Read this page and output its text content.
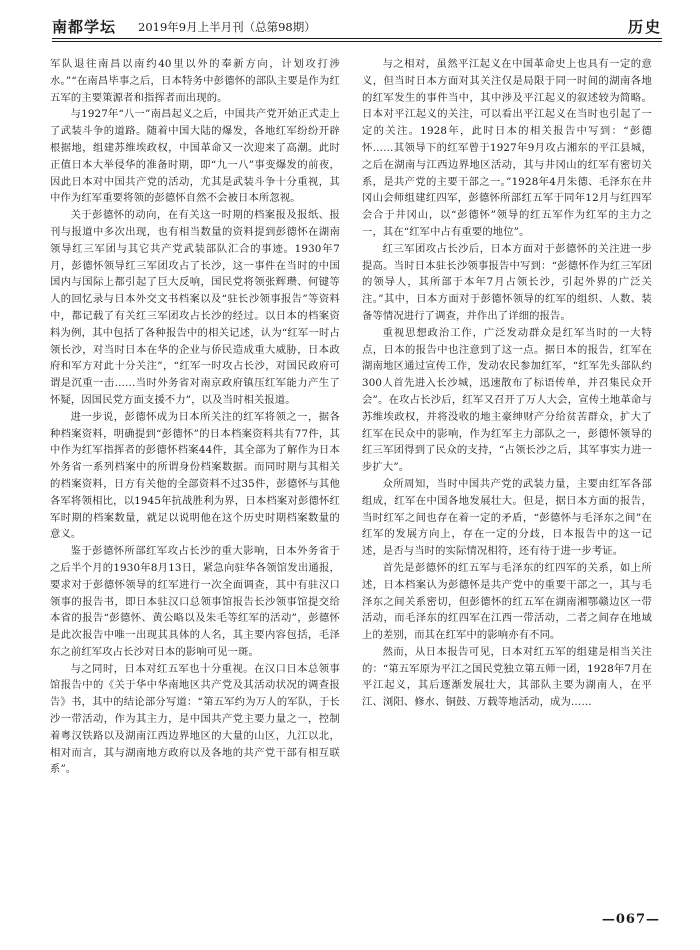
南都学坛 2019年9月上半月刊（总第98期）	历史

军队退往南昌以南约40里以外的奉新方向，计划攻打涉水。”“在南昌毕事之后，日本特务中彭德怀的部队主要是作为红五军的主要策源者和指挥者而出现的。

与1927年“八一”南昌起义之后，中国共产党开始正式走上了武装斗争的道路。随着中国大陆的爆发，各地红军纷纷开辟根据地，组建苏维埃政权，中国革命又一次迎来了高潮。此时正值日本大举侵华的准备时期，即“九一八”事变爆发的前夜，因此日本对中国共产党的活动，尤其是武装斗争十分重视，其中作为红军重要将领的彭德怀自然不会被日本所忽视。

关于彭德怀的动向，在有关这一时期的档案报及报纸、报刊与报道中多次出现，也有相当数量的资料提到彭德怀在湖南领导红三军团与其它共产党武装部队汇合的事迹。1930年7月，彭德怀领导红三军团攻占了长沙，这一事件在当时的中国国内与国际上都引起了巨大反响，国民党将领张辉瓒、何键等人的回忆录与日本外交文书档案以及“驻长沙领事报告”等资料中，都记载了有关红三军团攻占长沙的经过。以日本的档案资料为例，其中包括了各种报告中的相关记述，认为“红军一时占领长沙，对当时日本在华的企业与侨民造成重大威胁，日本政府和军方对此十分关注”，“红军一时攻占长沙，对国民政府可谓是沉重一击……当时外务省对南京政府镇压红军能力产生了怀疑，因国民党方面支援不力”，以及当时相关报道。

进一步说，彭德怀成为日本所关注的红军将领之一，据各种档案资料，明确提到“彭德怀”的日本档案资料共有77件，其中作为红军指挥者的彭德怀档案44件，其全部为了解作为日本外务省一系列档案中的所谓身份档案数据。而同时期与其相关的档案资料，日方有关他的全部资料不过35件，彭德怀与其他各军将领相比，以1945年抗战胜利为界，日本档案对彭德怀红军时期的档案数量，就足以说明他在这个历史时期档案数量的意义。

鉴于彭德怀所部红军攻占长沙的重大影响，日本外务省于之后半个月的1930年8月13日，紧急向驻华各领馆发出通报，要求对于彭德怀领导的红军进行一次全面调查，其中有驻汉口领事的报告书，即日本驻汉口总领事馆报告长沙领事馆提交给本省的报告“彭德怀、黄公略以及朱毛等红军的活动”，彭德怀是此次报告中唯一出现其具体的人名，其主要内容包括，毛泽东之前红军攻占长沙对日本的影响可见一斑。

与之同时，日本对红五军也十分重视。在汉口日本总领事馆报告中的《关于华中华南地区共产党及其活动状况的调查报告》书，其中的结论部分写道：“第五军约为万人的军队，于长沙一带活动，作为其主力，是中国共产党主要力量之一，控制着粤汉铁路以及湖南江西边界地区的大量的山区，九江以北，相对而言，其与湖南地方政府以及各地的共产党干部有相互联系”。

与之相对，虽然平江起义在中国革命史上也具有一定的意义，但当时日本方面对其关注仅是局限于同一时间的湖南各地的红军发生的事件当中，其中涉及平江起义的叙述较为简略。日本对平江起义的关注，可以看出平江起义在当时也引起了一定的关注。1928年，此时日本的相关报告中写到：“彭德怀……其领导下的红军曾于1927年9月攻占湘东的平江县城，之后在湖南与江西边界地区活动，其与井冈山的红军有密切关系，是共产党的主要干部之一。”1928年4月朱德、毛泽东在井冈山会师组建红四军，彭德怀所部红五军于同年12月与红四军会合于井冈山，以“彭德怀”领导的红五军作为红军的主力之一，其在“红军中占有重要的地位”。

红三军团攻占长沙后，日本方面对于彭德怀的关注进一步提高。当时日本驻长沙领事报告中写到：“彭德怀作为红三军团的领导人，其所部于本年7月占领长沙，引起外界的广泛关注。”其中，日本方面对于彭德怀领导的红军的组织、人数、装备等情况进行了调查，并作出了详细的报告。

重视思想政治工作，广泛发动群众是红军当时的一大特点，日本的报告中也注意到了这一点。据日本的报告，红军在湖南地区通过宣传工作，发动农民参加红军，“红军先头部队约300人首先进入长沙城，迅速散布了标语传单，并召集民众开会”。在攻占长沙后，红军又召开了万人大会，宣传土地革命与苏维埃政权，并将没收的地主豪绅财产分给贫苦群众，扩大了红军在民众中的影响，作为红军主力部队之一，彭德怀领导的红三军团得到了民众的支持，“占领长沙之后，其军事实力进一步扩大”。

众所周知，当时中国共产党的武装力量，主要由红军各部组成，红军在中国各地发展壮大。但是，据日本方面的报告，当时红军之间也存在着一定的矛盾，“彭德怀与毛泽东之间”在红军的发展方向上，存在一定的分歧，日本报告中的这一记述，是否与当时的实际情况相符，还有待于进一步考证。

首先是彭德怀的红五军与毛泽东的红四军的关系，如上所述，日本档案认为彭德怀是共产党中的重要干部之一，其与毛泽东之间关系密切，但彭德怀的红五军在湖南湘鄂赣边区一带活动，而毛泽东的红四军在江西一带活动，二者之间存在地域上的差别，而其在红军中的影响亦有不同。

然而，从日本报告可见，日本对红五军的组建是相当关注的：“第五军原为平江之国民党独立第五师一团，1928年7月在平江起义，其后逐渐发展壮大，其部队主要为湖南人，在平江、浏阳、修水、铜鼓、万载等地活动，成为……

—067—
